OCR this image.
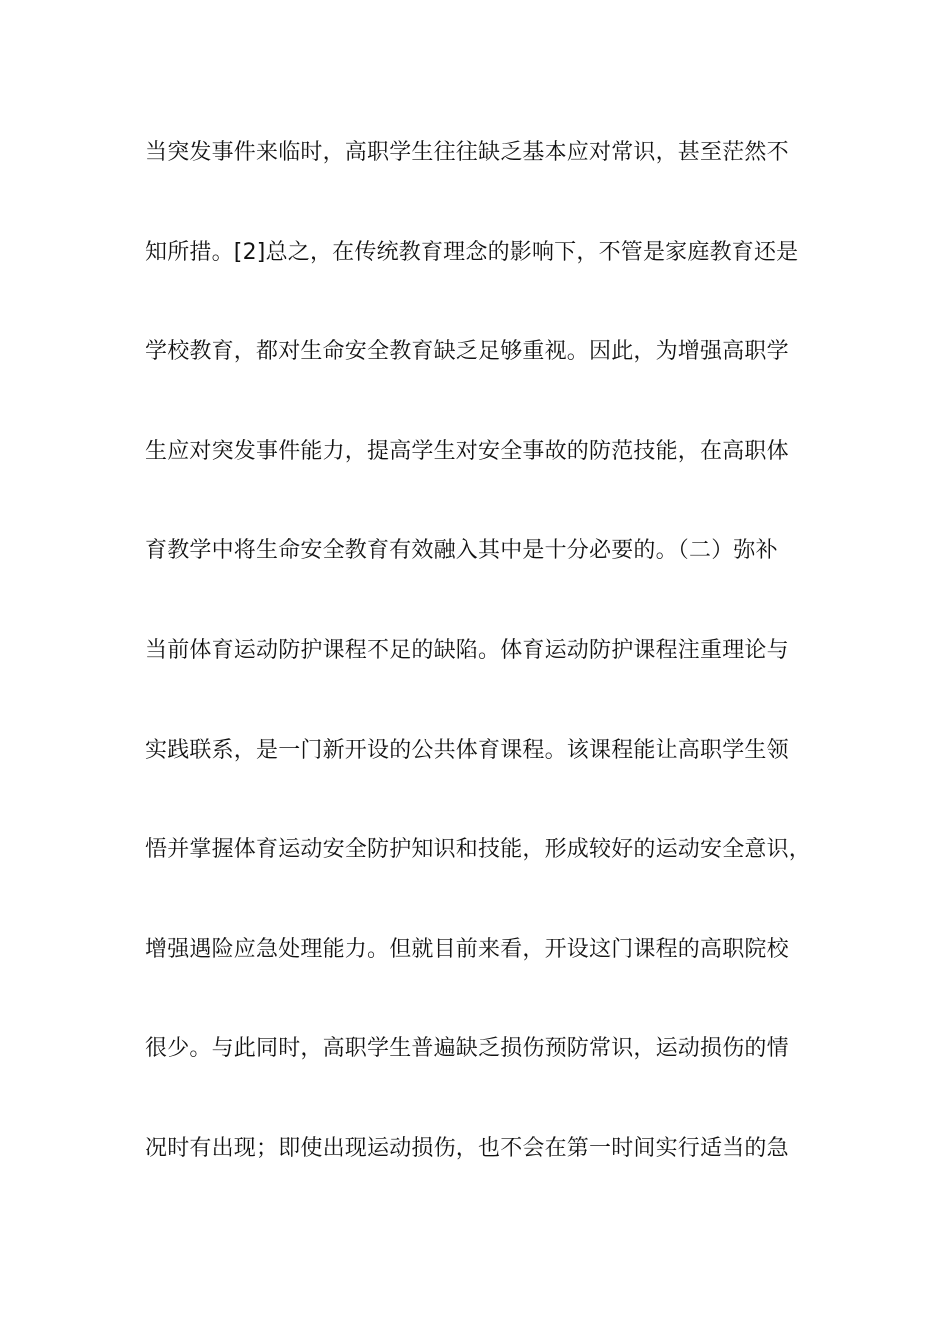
当突发事件来临时，高职学生往往缺乏基本应对常识，甚至茫然不
知所措。[2]总之，在传统教育理念的影响下，不管是家庭教育还是
学校教育，都对生命安全教育缺乏足够重视。因此，为增强高职学
生应对突发事件能力，提高学生对安全事故的防范技能，在高职体
育教学中将生命安全教育有效融入其中是十分必要的。（二）弥补
当前体育运动防护课程不足的缺陷。体育运动防护课程注重理论与
实践联系，是一门新开设的公共体育课程。该课程能让高职学生领
悟并掌握体育运动安全防护知识和技能，形成较好的运动安全意识，
增强遇险应急处理能力。但就目前来看，开设这门课程的高职院校
很少。与此同时，高职学生普遍缺乏损伤预防常识，运动损伤的情
况时有出现；即使出现运动损伤，也不会在第一时间实行适当的急
